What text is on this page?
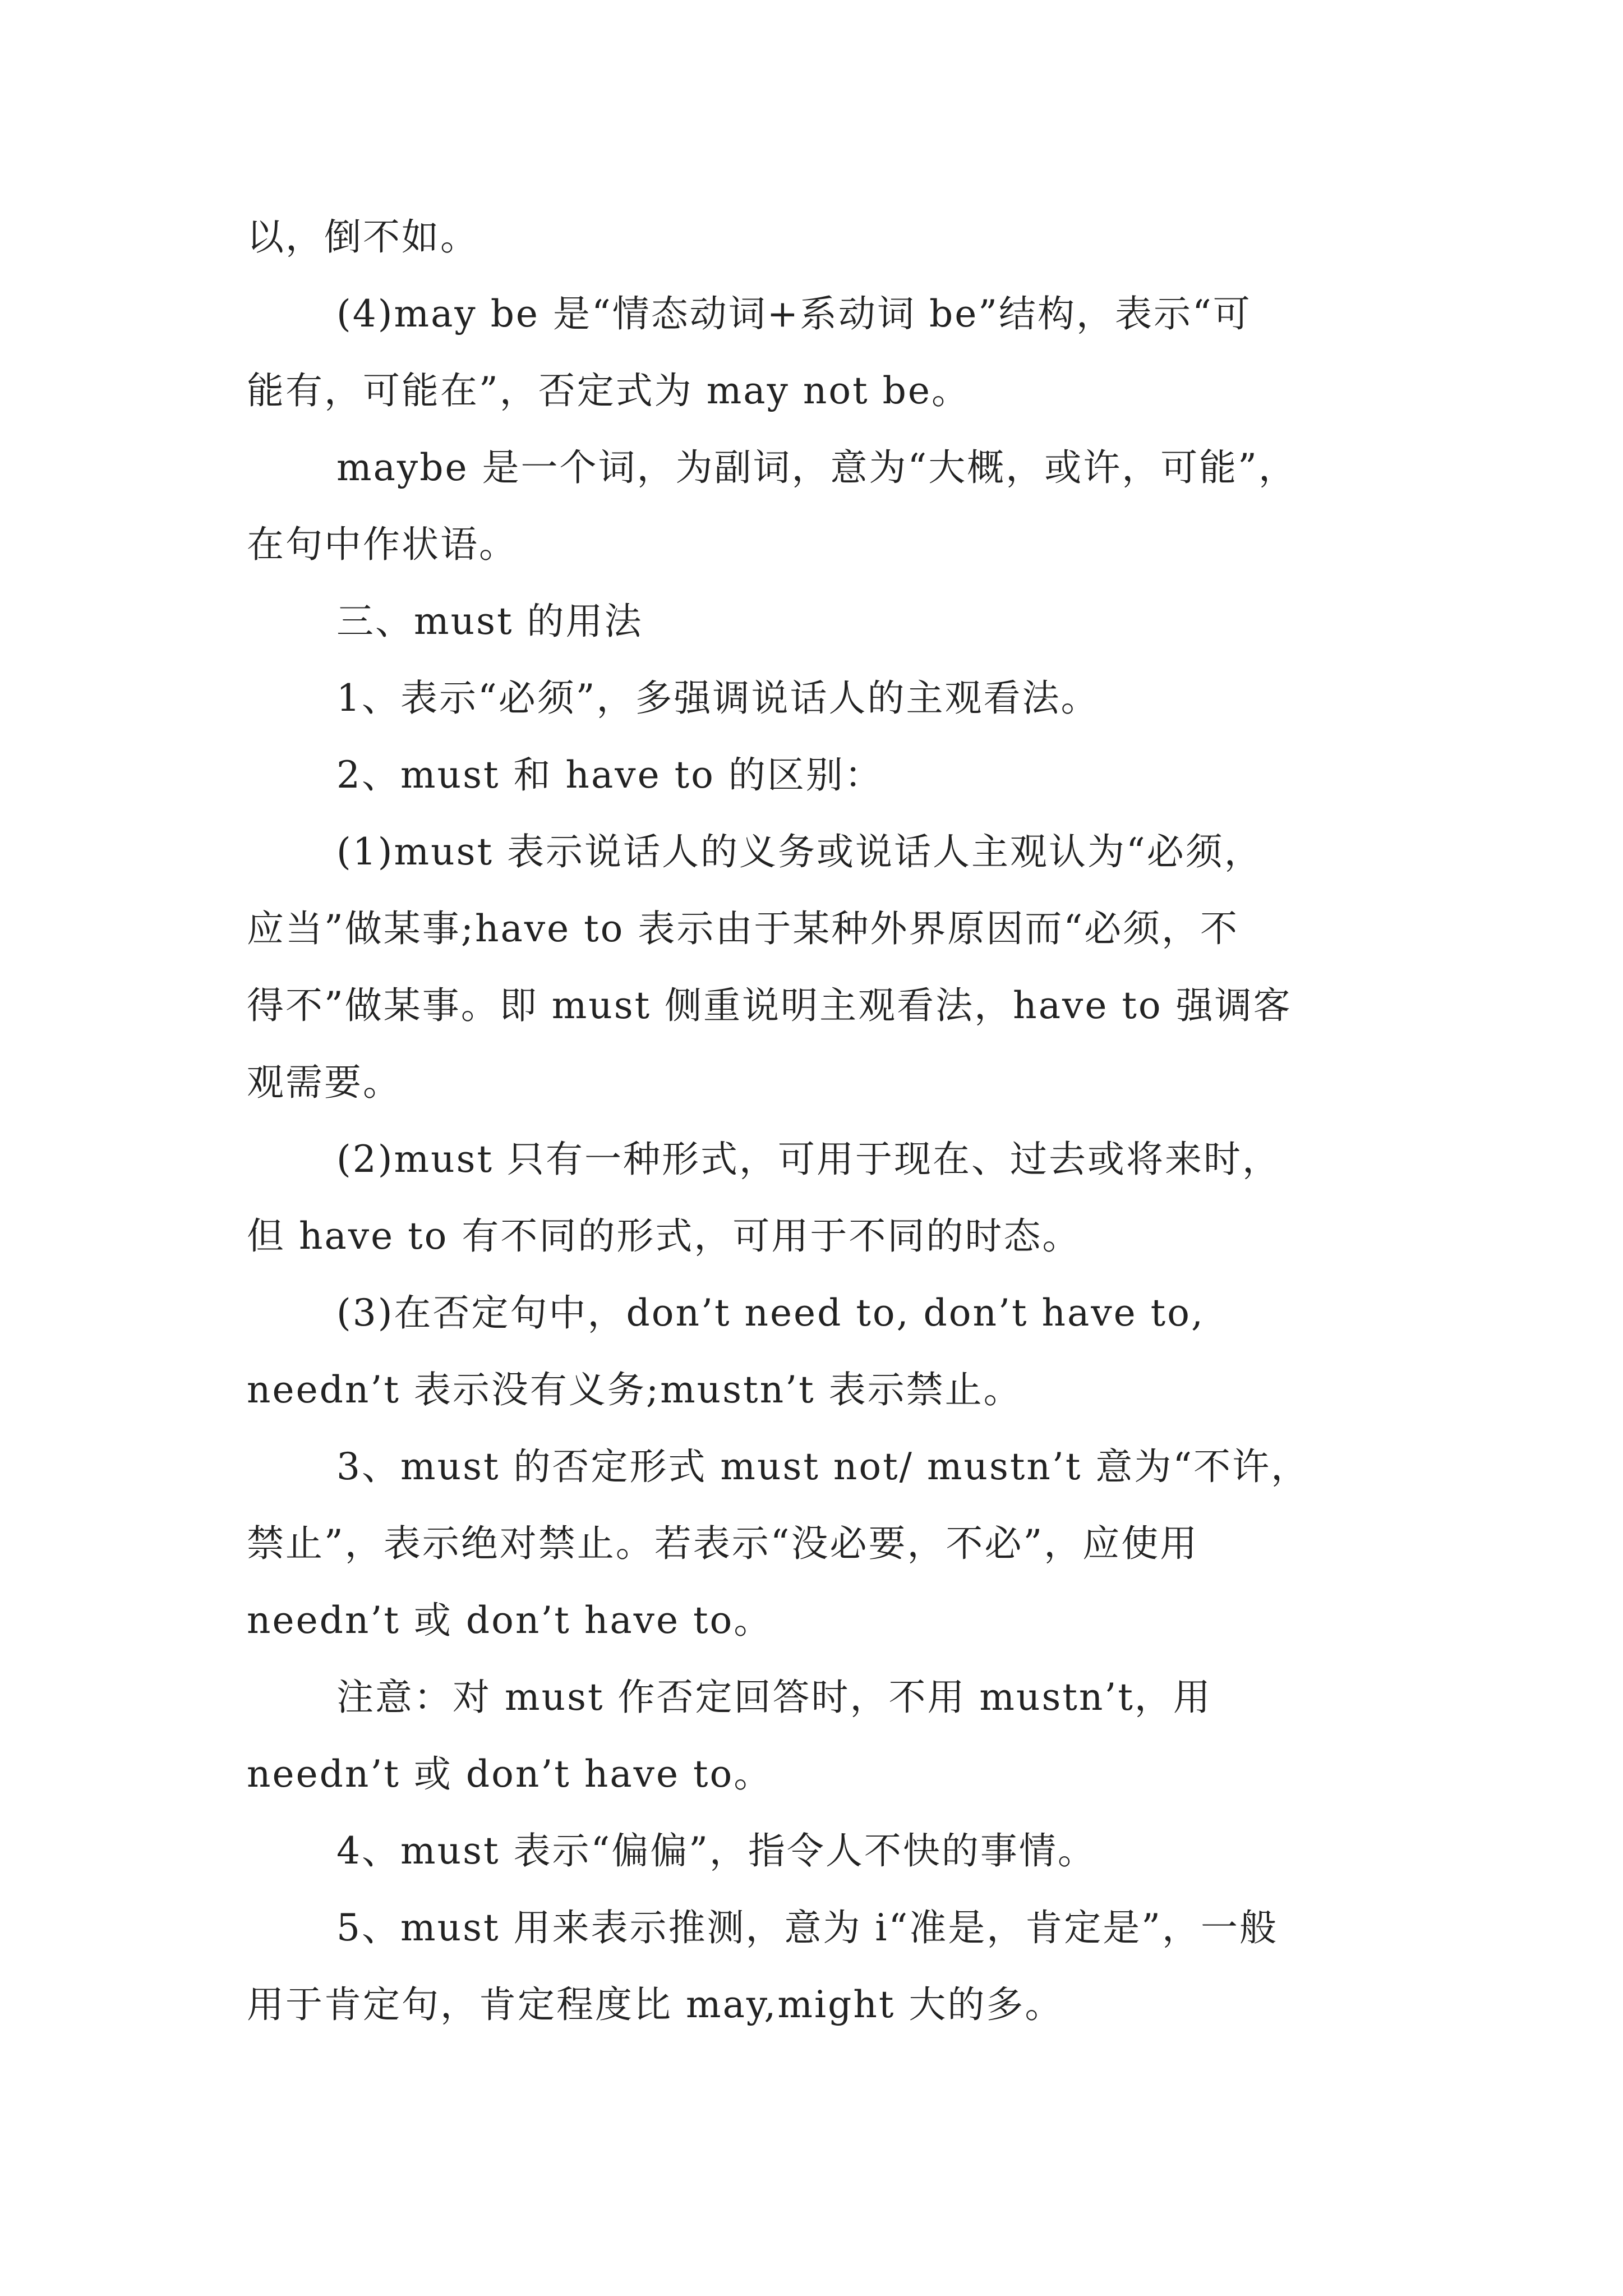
以，倒不如。
(4)may be 是“情态动词+系动词 be”结构，表示“可
能有，可能在”，否定式为 may not be。
maybe 是一个词，为副词，意为“大概，或许，可能”，
在句中作状语。
三、must 的用法
1、表示“必须”，多强调说话人的主观看法。
2、must 和 have to 的区别：
(1)must 表示说话人的义务或说话人主观认为“必须，
应当”做某事;have to 表示由于某种外界原因而“必须，不
得不”做某事。即 must 侧重说明主观看法，have to 强调客
观需要。
(2)must 只有一种形式，可用于现在、过去或将来时，
但 have to 有不同的形式，可用于不同的时态。
(3)在否定句中，don’t need to, don’t have to,
needn’t 表示没有义务;mustn’t 表示禁止。
3、must 的否定形式 must not/ mustn’t 意为“不许，
禁止”，表示绝对禁止。若表示“没必要，不必”，应使用
needn’t 或 don’t have to。
注意：对 must 作否定回答时，不用 mustn’t，用
needn’t 或 don’t have to。
4、must 表示“偏偏”，指令人不快的事情。
5、must 用来表示推测，意为 i“准是，肯定是”，一般
用于肯定句，肯定程度比 may,might 大的多。
